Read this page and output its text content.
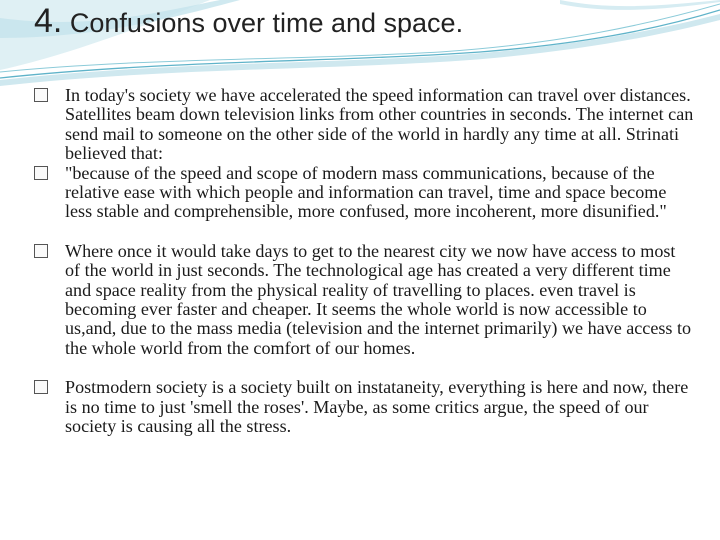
4. Confusions over time and space.
In today's society we have accelerated the speed information can travel over distances. Satellites beam down television links from other countries in seconds. The internet can send mail to someone on the other side of the world in hardly any time at all. Strinati believed that:
"because of the speed and scope of modern mass communications, because of the relative ease with which people and information can travel, time and space become less stable and comprehensible, more confused, more incoherent, more disunified."
Where once it would take days to get to the nearest city we now have access to most of the world in just seconds. The technological age has created a very different time and space reality from the physical reality of travelling to places. even travel is becoming ever faster and cheaper. It seems the whole world is now accessible to us,and, due to the mass media (television and the internet primarily) we have access to the whole world from the comfort of our homes.
Postmodern society is a society built on instataneity, everything is here and now, there is no time to just 'smell the roses'. Maybe, as some critics argue, the speed of our society is causing all the stress.
